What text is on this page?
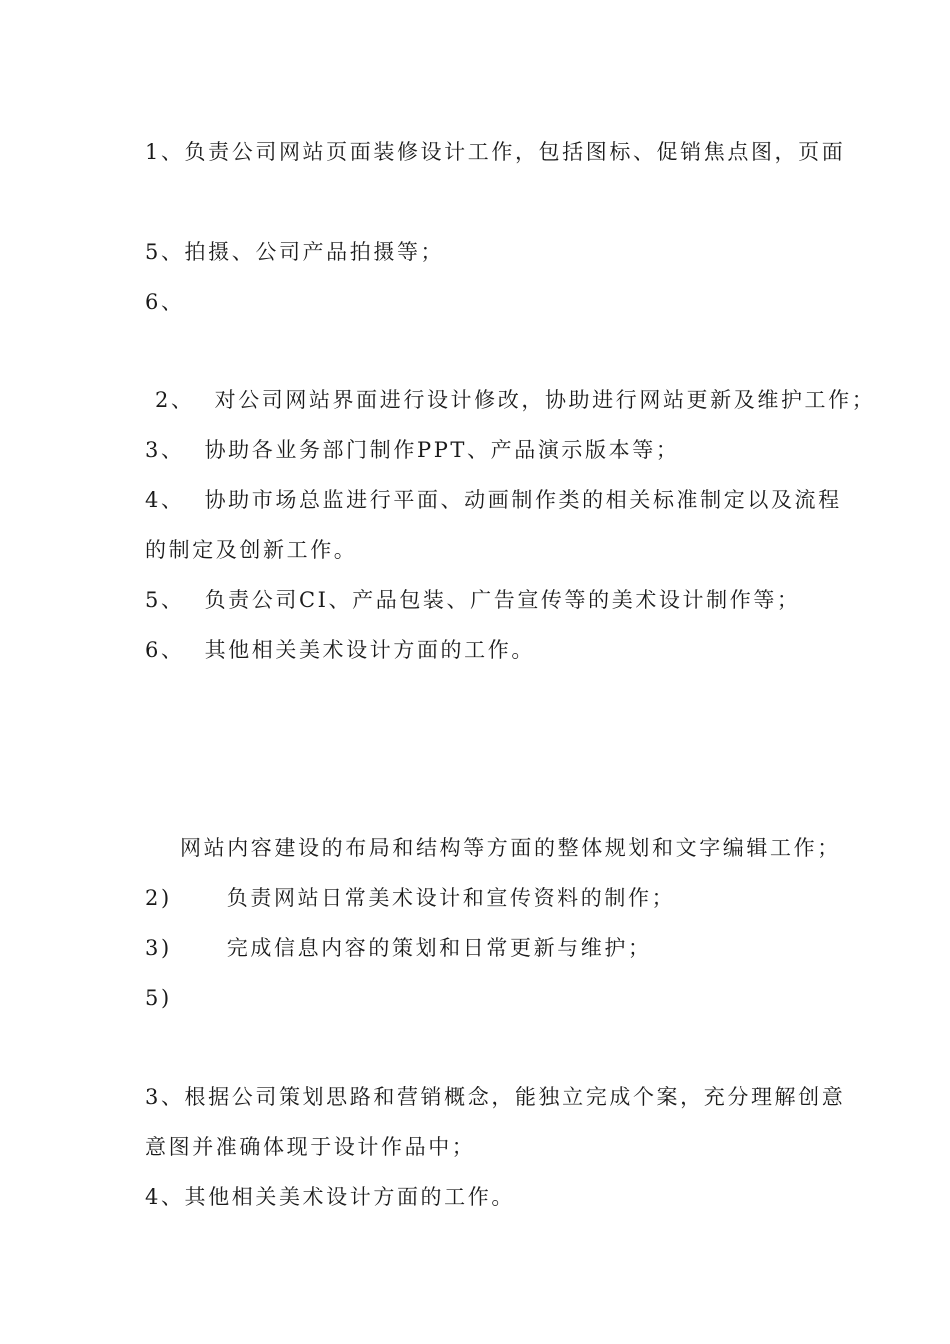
1、负责公司网站页面装修设计工作，包括图标、促销焦点图，页面
5、拍摄、公司产品拍摄等；
6、
2、 对公司网站界面进行设计修改，协助进行网站更新及维护工作；
3、 协助各业务部门制作PPT、产品演示版本等；
4、 协助市场总监进行平面、动画制作类的相关标准制定以及流程
的制定及创新工作。
5、 负责公司CI、产品包装、广告宣传等的美术设计制作等；
6、 其他相关美术设计方面的工作。
网站内容建设的布局和结构等方面的整体规划和文字编辑工作；
2)	负责网站日常美术设计和宣传资料的制作；
3)	完成信息内容的策划和日常更新与维护；
5)
3、根据公司策划思路和营销概念，能独立完成个案，充分理解创意
意图并准确体现于设计作品中；
4、其他相关美术设计方面的工作。
